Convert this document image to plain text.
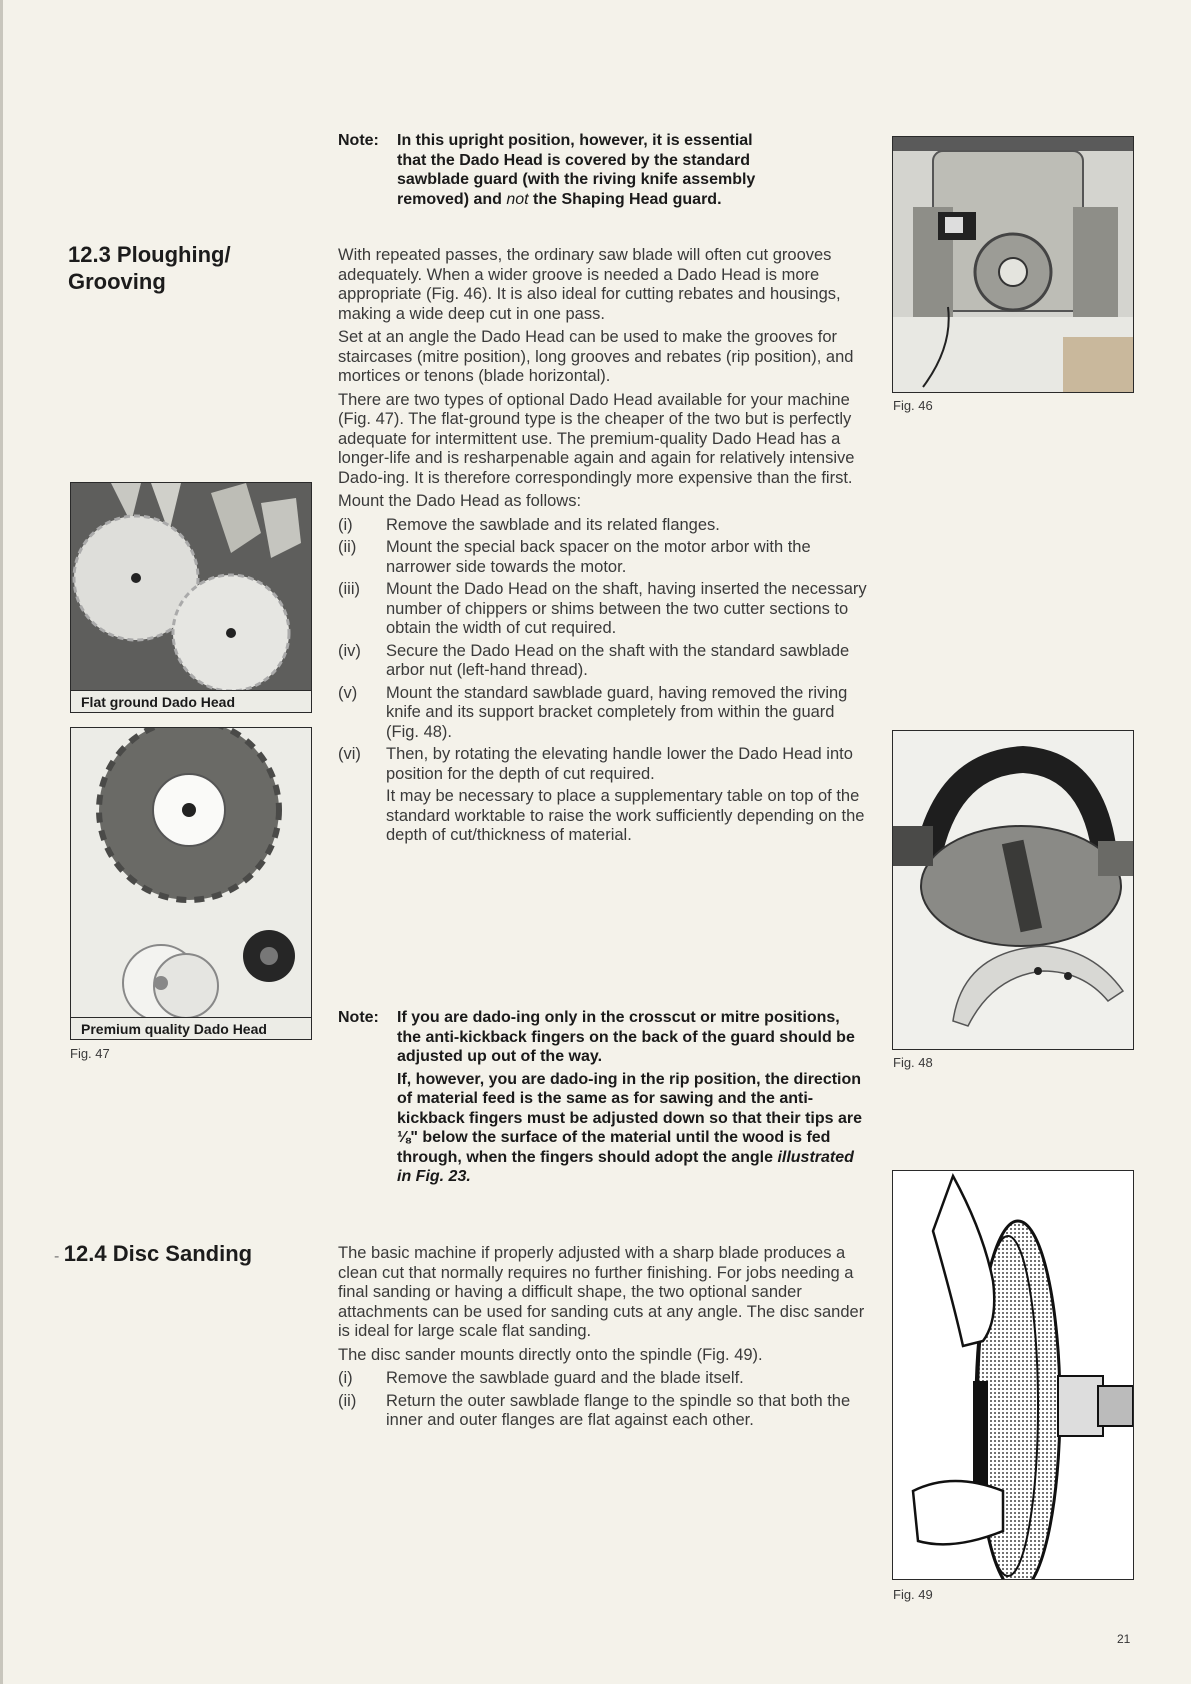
Note: In this upright position, however, it is essential
that the Dado Head is covered by the standard
sawblade guard (with the riving knife assembly
removed) and not the Shaping Head guard.
12.3 Ploughing/
Grooving

With repeated passes, the ordinary saw blade will often cut grooves adequately. When a wider groove is needed a Dado Head is more appropriate (Fig. 46). It is also ideal for cutting rebates and housings, making a wide deep cut in one pass.

Set at an angle the Dado Head can be used to make the grooves for staircases (mitre position), long grooves and rebates (rip position), and mortices or tenons (blade horizontal).

There are two types of optional Dado Head available for your machine (Fig. 47). The flat-ground type is the cheaper of the two but is perfectly adequate for intermittent use. The premium-quality Dado Head has a longer-life and is resharpenable again and again for relatively intensive Dado-ing. It is therefore correspondingly more expensive than the first.

Mount the Dado Head as follows:

(i) Remove the sawblade and its related flanges.
(ii) Mount the special back spacer on the motor arbor with the narrower side towards the motor.
(iii) Mount the Dado Head on the shaft, having inserted the necessary number of chippers or shims between the two cutter sections to obtain the width of cut required.
(iv) Secure the Dado Head on the shaft with the standard sawblade arbor nut (left-hand thread).
(v) Mount the standard sawblade guard, having removed the riving knife and its support bracket completely from within the guard (Fig. 48).
(vi) Then, by rotating the elevating handle lower the Dado Head into position for the depth of cut required.

It may be necessary to place a supplementary table on top of the standard worktable to raise the work sufficiently depending on the depth of cut/thickness of material.

Note: If you are dado-ing only in the crosscut or mitre positions, the anti-kickback fingers on the back of the guard should be adjusted up out of the way.

If, however, you are dado-ing in the rip position, the direction of material feed is the same as for sawing and the anti-kickback fingers must be adjusted down so that their tips are ⅛" below the surface of the material until the wood is fed through, when the fingers should adopt the angle illustrated in Fig. 23.

- 12.4 Disc Sanding	The basic machine if properly adjusted with a sharp blade produces a clean cut that normally requires no further finishing. For jobs needing a final sanding or having a difficult shape, the two optional sander attachments can be used for sanding cuts at any angle. The disc sander is ideal for large scale flat sanding.

The disc sander mounts directly onto the spindle (Fig. 49).

(i) Remove the sawblade guard and the blade itself.
(ii) Return the outer sawblade flange to the spindle so that both the inner and outer flanges are flat against each other.
Fig. 46
Flat ground Dado Head
Premium quality Dado Head
Fig. 47
Fig. 48
Fig. 49
21
